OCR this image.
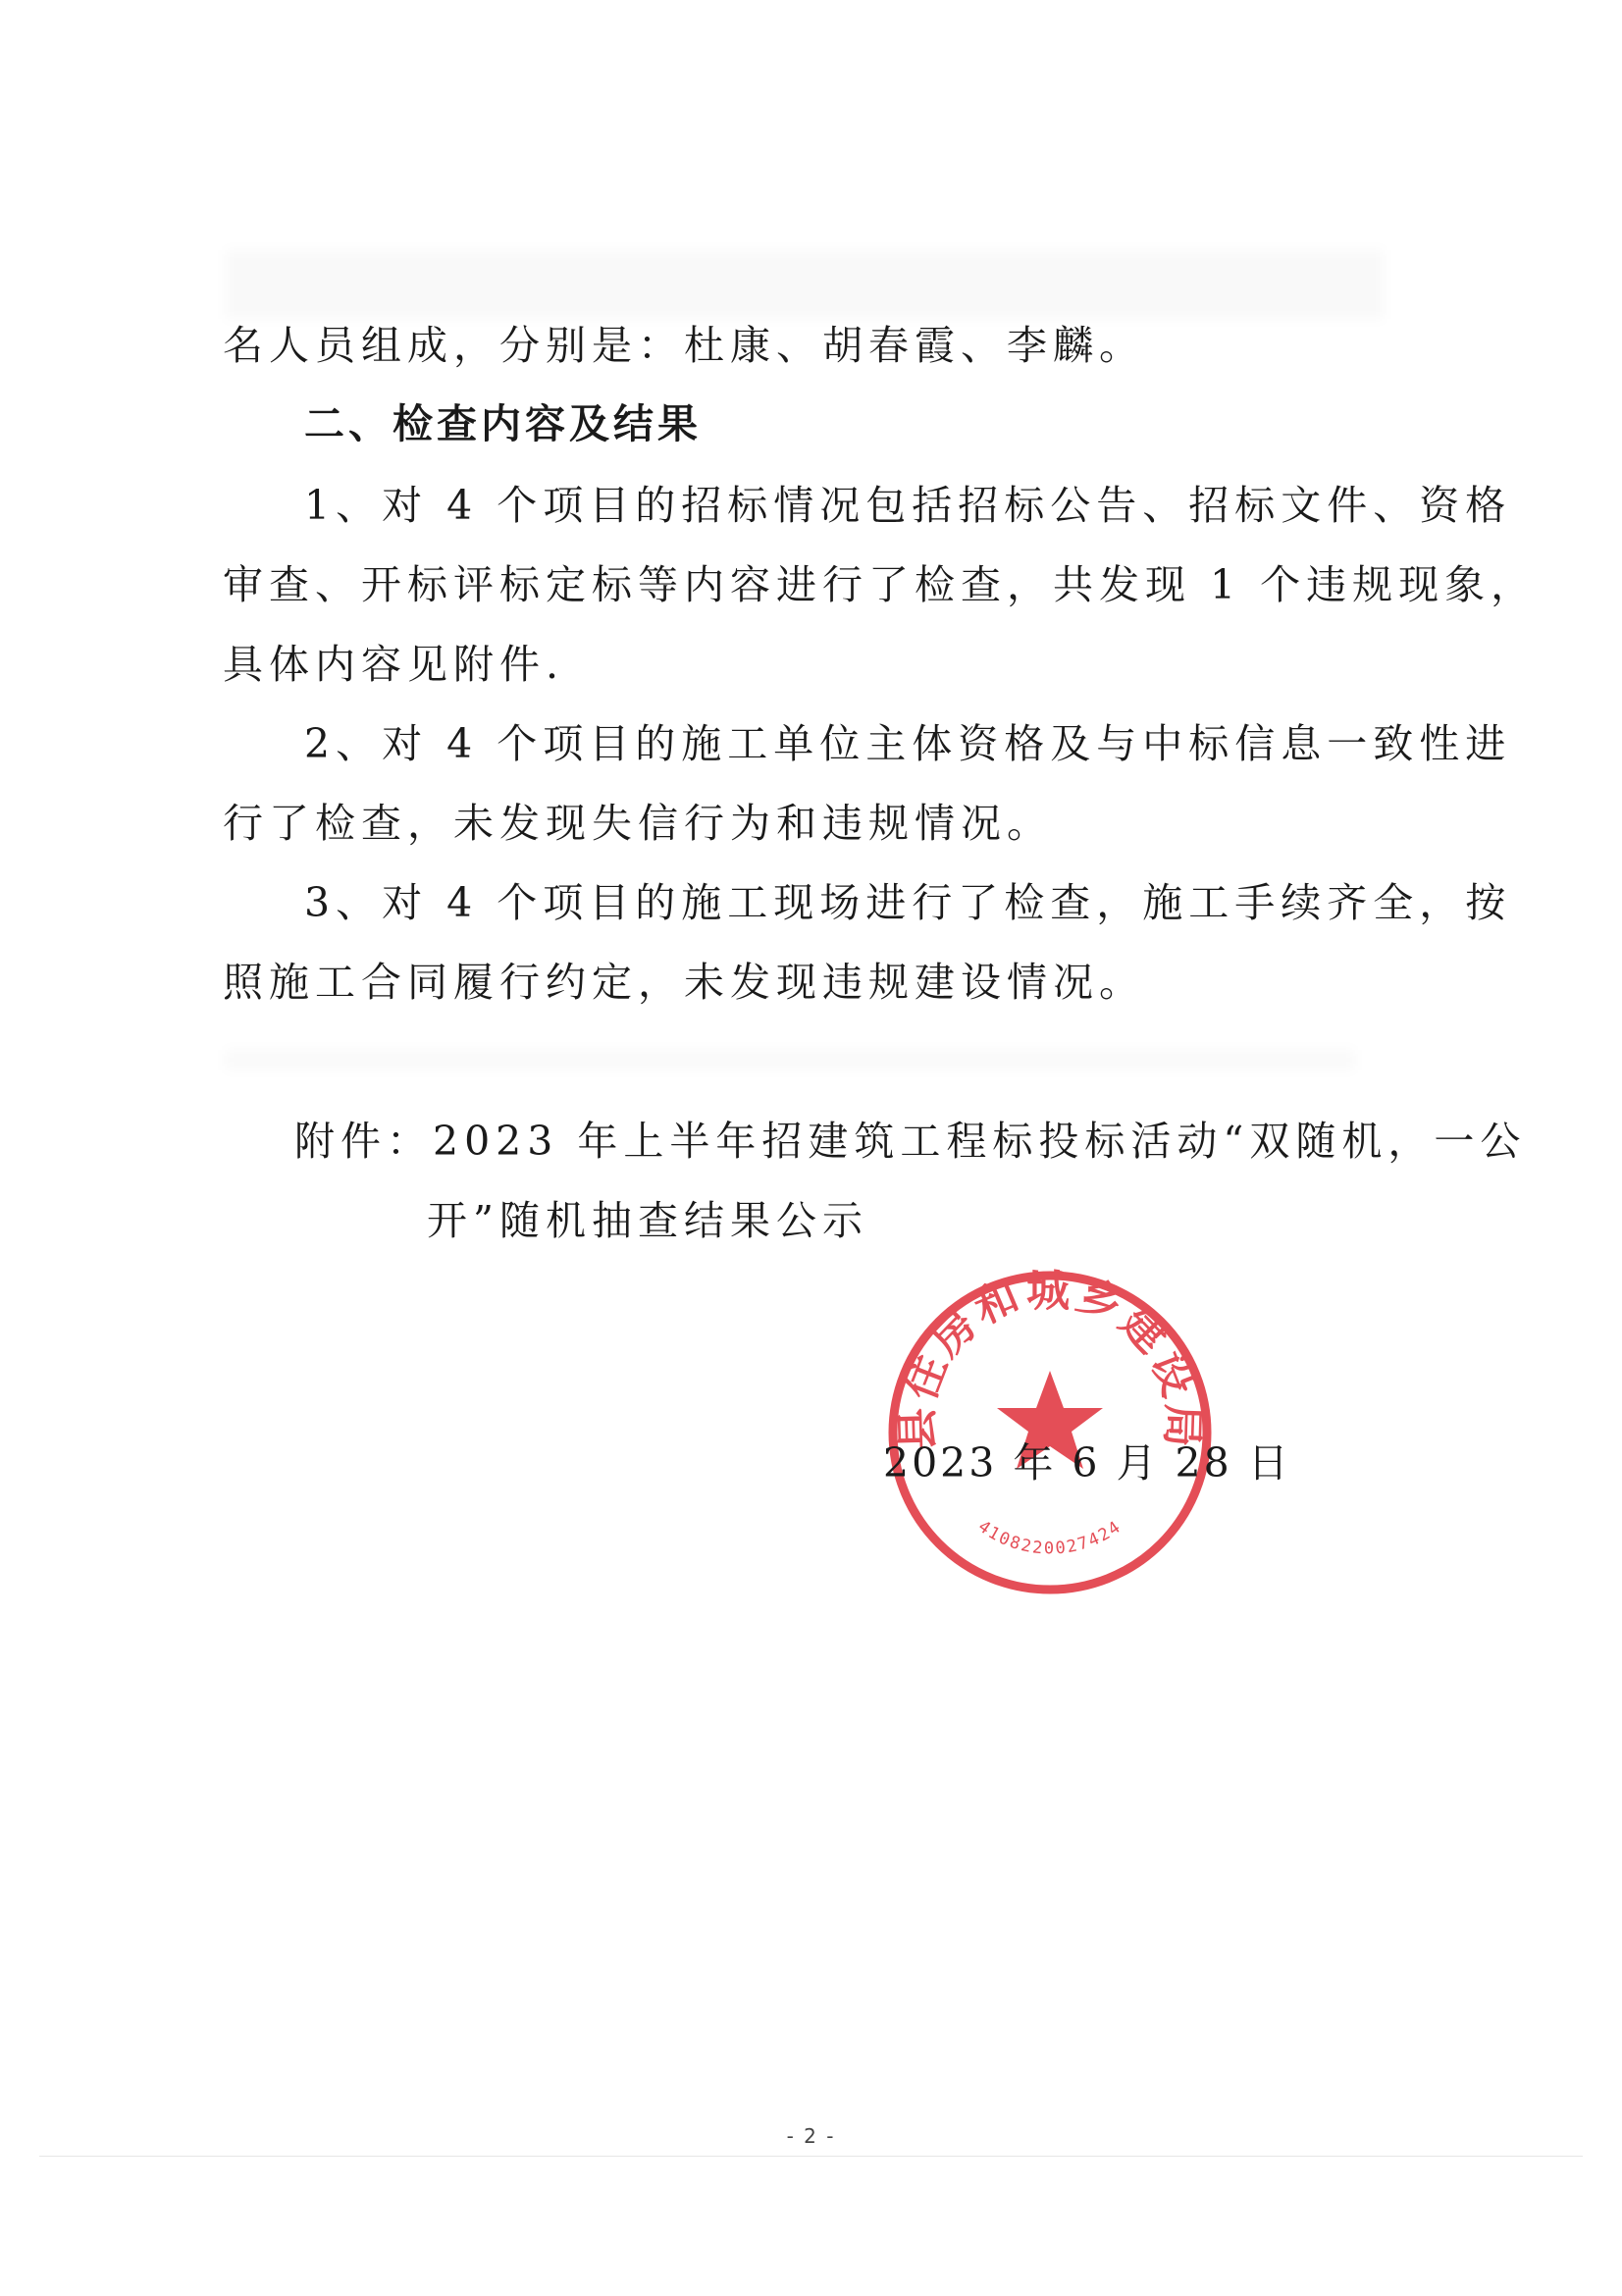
名人员组成，分别是：杜康、胡春霞、李麟。
二、检查内容及结果
1、对 4 个项目的招标情况包括招标公告、招标文件、资格
审查、开标评标定标等内容进行了检查，共发现 1 个违规现象，
具体内容见附件.
2、对 4 个项目的施工单位主体资格及与中标信息一致性进
行了检查，未发现失信行为和违规情况。
3、对 4 个项目的施工现场进行了检查，施工手续齐全，按
照施工合同履行约定，未发现违规建设情况。
附件：2023 年上半年招建筑工程标投标活动“双随机，一公
开”随机抽查结果公示
县住房和城乡建设局
4108220027424
2023 年 6 月 28 日
- 2 -
